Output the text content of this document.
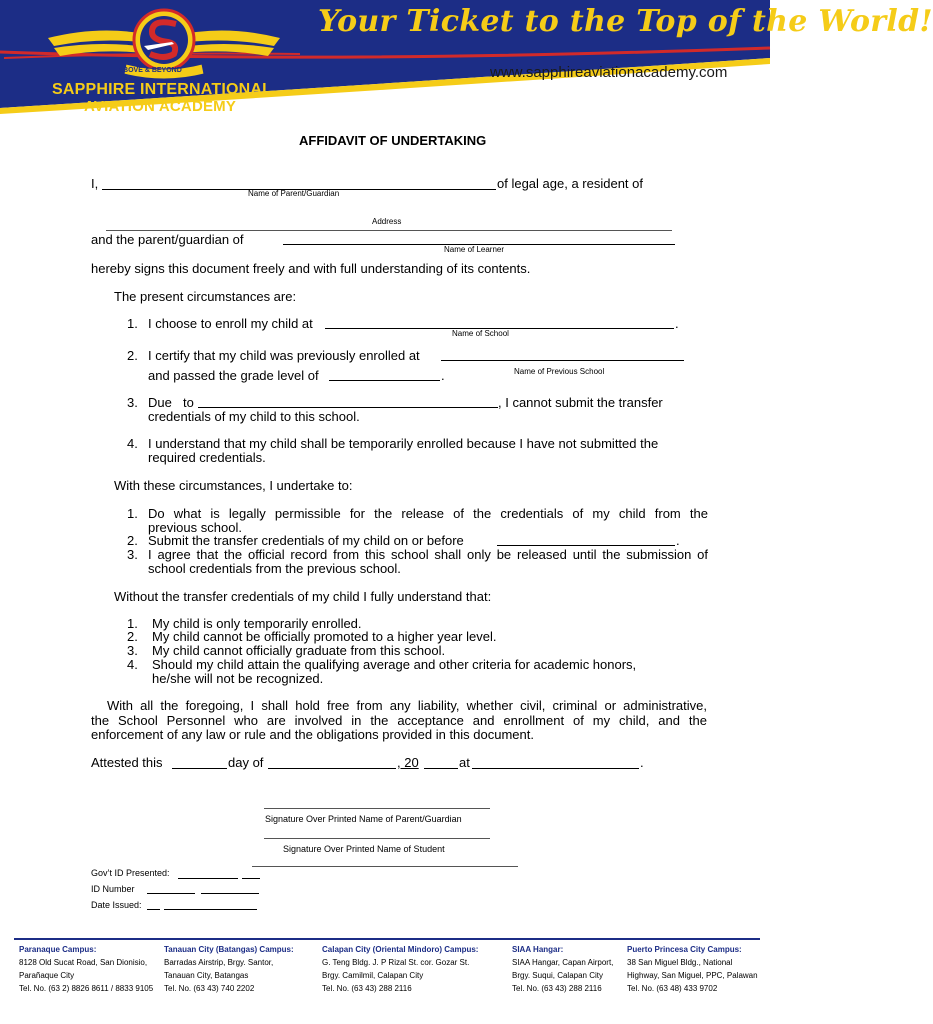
ABOVE & BEYOND
SAPPHIRE INTERNATIONAL
AVIATION ACADEMY
Your Ticket to the Top of the World!
www.sapphireaviationacademy.com
AFFIDAVIT OF UNDERTAKING
I,	of legal age, a resident of
Name of Parent/Guardian
Address
and the parent/guardian of
Name of Learner
hereby signs this document freely and with full understanding of its contents.
The present circumstances are:
1. I choose to enroll my child at	.
Name of School
2. I certify that my child was previously enrolled at
and passed the grade level of	.	Name of Previous School
3. Due to	, I cannot submit the transfer
credentials of my child to this school.
4. I understand that my child shall be temporarily enrolled because I have not submitted the
required credentials.
With these circumstances, I undertake to:
1. Do what is legally permissible for the release of the credentials of my child from the
previous school.
2. Submit the transfer credentials of my child on or before	.
3. I agree that the official record from this school shall only be released until the submission of
school credentials from the previous school.
Without the transfer credentials of my child I fully understand that:
1. My child is only temporarily enrolled.
2. My child cannot be officially promoted to a higher year level.
3. My child cannot officially graduate from this school.
4. Should my child attain the qualifying average and other criteria for academic honors,
he/she will not be recognized.
With all the foregoing, I shall hold free from any liability, whether civil, criminal or administrative,
the School Personnel who are involved in the acceptance and enrollment of my child, and the
enforcement of any law or rule and the obligations provided in this document.
Attested this	day of	, 20	at	.
Signature Over Printed Name of Parent/Guardian
Signature Over Printed Name of Student
Gov’t ID Presented:
ID Number
Date Issued:
Paranaque Campus:
8128 Old Sucat Road, San Dionisio,
Parañaque City
Tel. No. (63 2) 8826 8611 / 8833 9105
Tanauan City (Batangas) Campus:
Barradas Airstrip, Brgy. Santor,
Tanauan City, Batangas
Tel. No. (63 43) 740 2202
Calapan City (Oriental Mindoro) Campus:
G. Teng Bldg. J. P Rizal St. cor. Gozar St.
Brgy. Camilmil, Calapan City
Tel. No. (63 43) 288 2116
SIAA Hangar:
SIAA Hangar, Capan Airport,
Brgy. Suqui, Calapan City
Tel. No. (63 43) 288 2116
Puerto Princesa City Campus:
38 San Miguel Bldg., National
Highway, San Miguel, PPC, Palawan
Tel. No. (63 48) 433 9702
